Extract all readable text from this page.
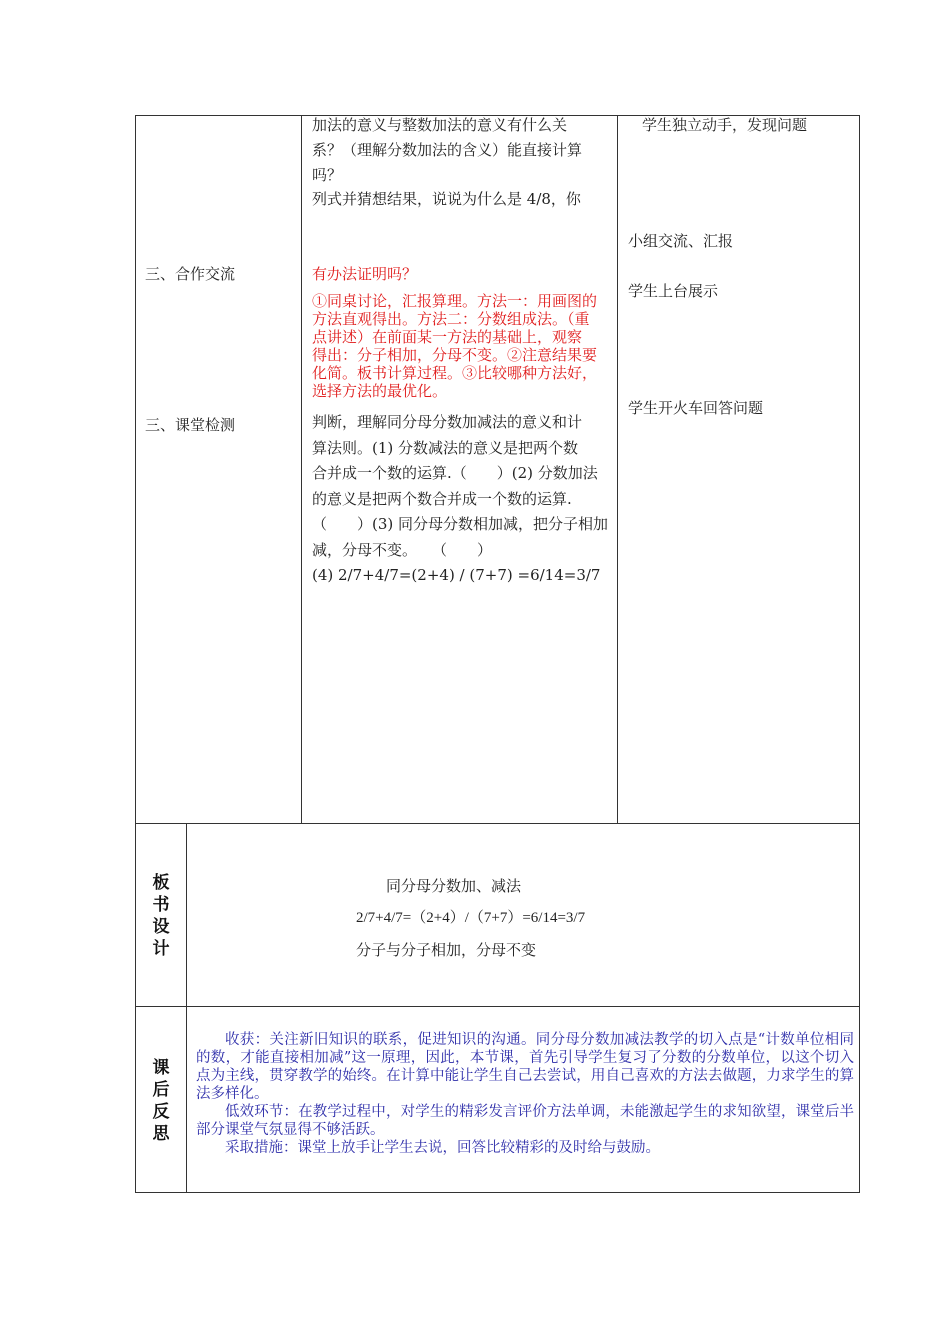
三、合作交流
三、课堂检测
加法的意义与整数加法的意义有什么关
系？（理解分数加法的含义）能直接计算
吗？
列式并猜想结果，说说为什么是 4/8，你
有办法证明吗？
①同桌讨论，汇报算理。方法一：用画图的
方法直观得出。方法二：分数组成法。（重
点讲述）在前面某一方法的基础上，观察
得出：分子相加，分母不变。②注意结果要
化简。板书计算过程。③比较哪种方法好，
选择方法的最优化。
判断，理解同分母分数加减法的意义和计
算法则。(1) 分数减法的意义是把两个数
合并成一个数的运算.（　　）(2) 分数加法
的意义是把两个数合并成一个数的运算.
（　　）(3) 同分母分数相加减，把分子相加
减，分母不变。　　（　　）
(4) 2/7+4/7=(2+4) / (7+7) =6/14=3/7
学生独立动手，发现问题
小组交流、汇报
学生上台展示
学生开火车回答问题
板
书
设
计
同分母分数加、减法
2/7+4/7=（2+4）/（7+7）=6/14=3/7
分子与分子相加，分母不变
课
后
反
思

收获：关注新旧知识的联系，促进知识的沟通。同分母分数加减法教学的切入点是“计数单位相同的数，才能直接相加减”这一原理，因此，本节课，首先引导学生复习了分数的分数单位，以这个切入点为主线，贯穿教学的始终。在计算中能让学生自己去尝试，用自己喜欢的方法去做题，力求学生的算法多样化。

低效环节：在教学过程中，对学生的精彩发言评价方法单调，未能激起学生的求知欲望，课堂后半部分课堂气氛显得不够活跃。

采取措施：课堂上放手让学生去说，回答比较精彩的及时给与鼓励。
